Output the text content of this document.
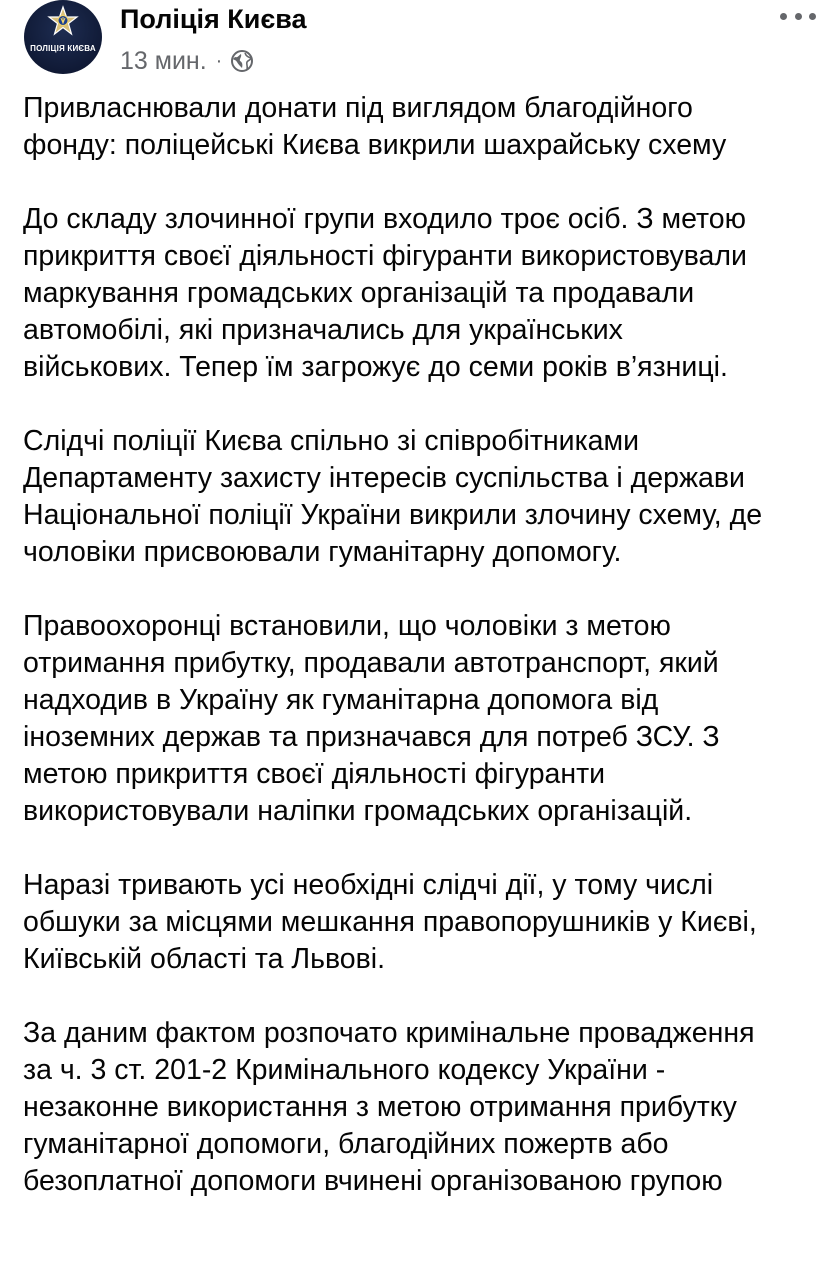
ПОЛІЦІЯ КИЄВА
Поліція Києва
13 мин. ·

Привласнювали донати під виглядом благодійного
фонду: поліцейські Києва викрили шахрайську схему

До складу злочинної групи входило троє осіб. З метою
прикриття своєї діяльності фігуранти використовували
маркування громадських організацій та продавали
автомобілі, які призначались для українських
військових. Тепер їм загрожує до семи років в’язниці.

Слідчі поліції Києва спільно зі співробітниками
Департаменту захисту інтересів суспільства і держави
Національної поліції України викрили злочину схему, де
чоловіки присвоювали гуманітарну допомогу.

Правоохоронці встановили, що чоловіки з метою
отримання прибутку, продавали автотранспорт, який
надходив в Україну як гуманітарна допомога від
іноземних держав та призначався для потреб ЗСУ. З
метою прикриття своєї діяльності фігуранти
використовували наліпки громадських організацій.

Наразі тривають усі необхідні слідчі дії, у тому числі
обшуки за місцями мешкання правопорушників у Києві,
Київській області та Львові.

За даним фактом розпочато кримінальне провадження
за ч. 3 ст. 201-2 Кримінального кодексу України -
незаконне використання з метою отримання прибутку
гуманітарної допомоги, благодійних пожертв або
безоплатної допомоги вчинені організованою групою
